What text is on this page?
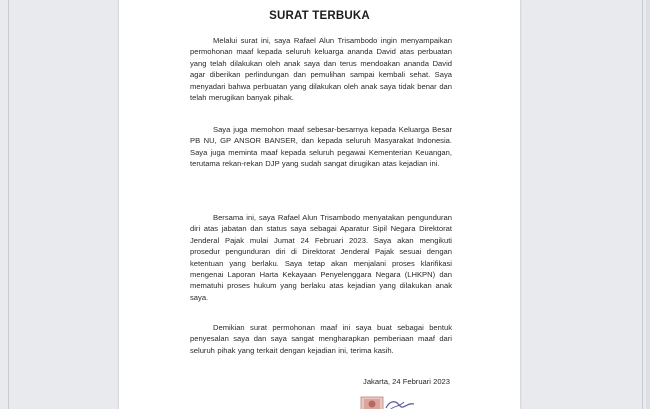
SURAT TERBUKA

Melalui surat ini, saya Rafael Alun Trisambodo ingin menyampaikan permohonan maaf kepada seluruh keluarga ananda David atas perbuatan yang telah dilakukan oleh anak saya dan terus mendoakan ananda David agar diberikan perlindungan dan pemulihan sampai kembali sehat. Saya menyadari bahwa perbuatan yang dilakukan oleh anak saya tidak benar dan telah merugikan banyak pihak.

Saya juga memohon maaf sebesar-besarnya kepada Keluarga Besar PB NU, GP ANSOR BANSER, dan kepada seluruh Masyarakat Indonesia. Saya juga meminta maaf kepada seluruh pegawai Kementerian Keuangan, terutama rekan-rekan DJP yang sudah sangat dirugikan atas kejadian ini.

Bersama ini, saya Rafael Alun Trisambodo menyatakan pengunduran diri atas jabatan dan status saya sebagai Aparatur Sipil Negara Direktorat Jenderal Pajak mulai Jumat 24 Februari 2023. Saya akan mengikuti prosedur pengunduran diri di Direktorat Jenderal Pajak sesuai dengan ketentuan yang berlaku. Saya tetap akan menjalani proses klarifikasi mengenai Laporan Harta Kekayaan Penyelenggara Negara (LHKPN) dan mematuhi proses hukum yang berlaku atas kejadian yang dilakukan anak saya.

Demikian surat permohonan maaf ini saya buat sebagai bentuk penyesalan saya dan saya sangat mengharapkan pemberiaan maaf dari seluruh pihak yang terkait dengan kejadian ini, terima kasih.

Jakarta, 24 Februari 2023
